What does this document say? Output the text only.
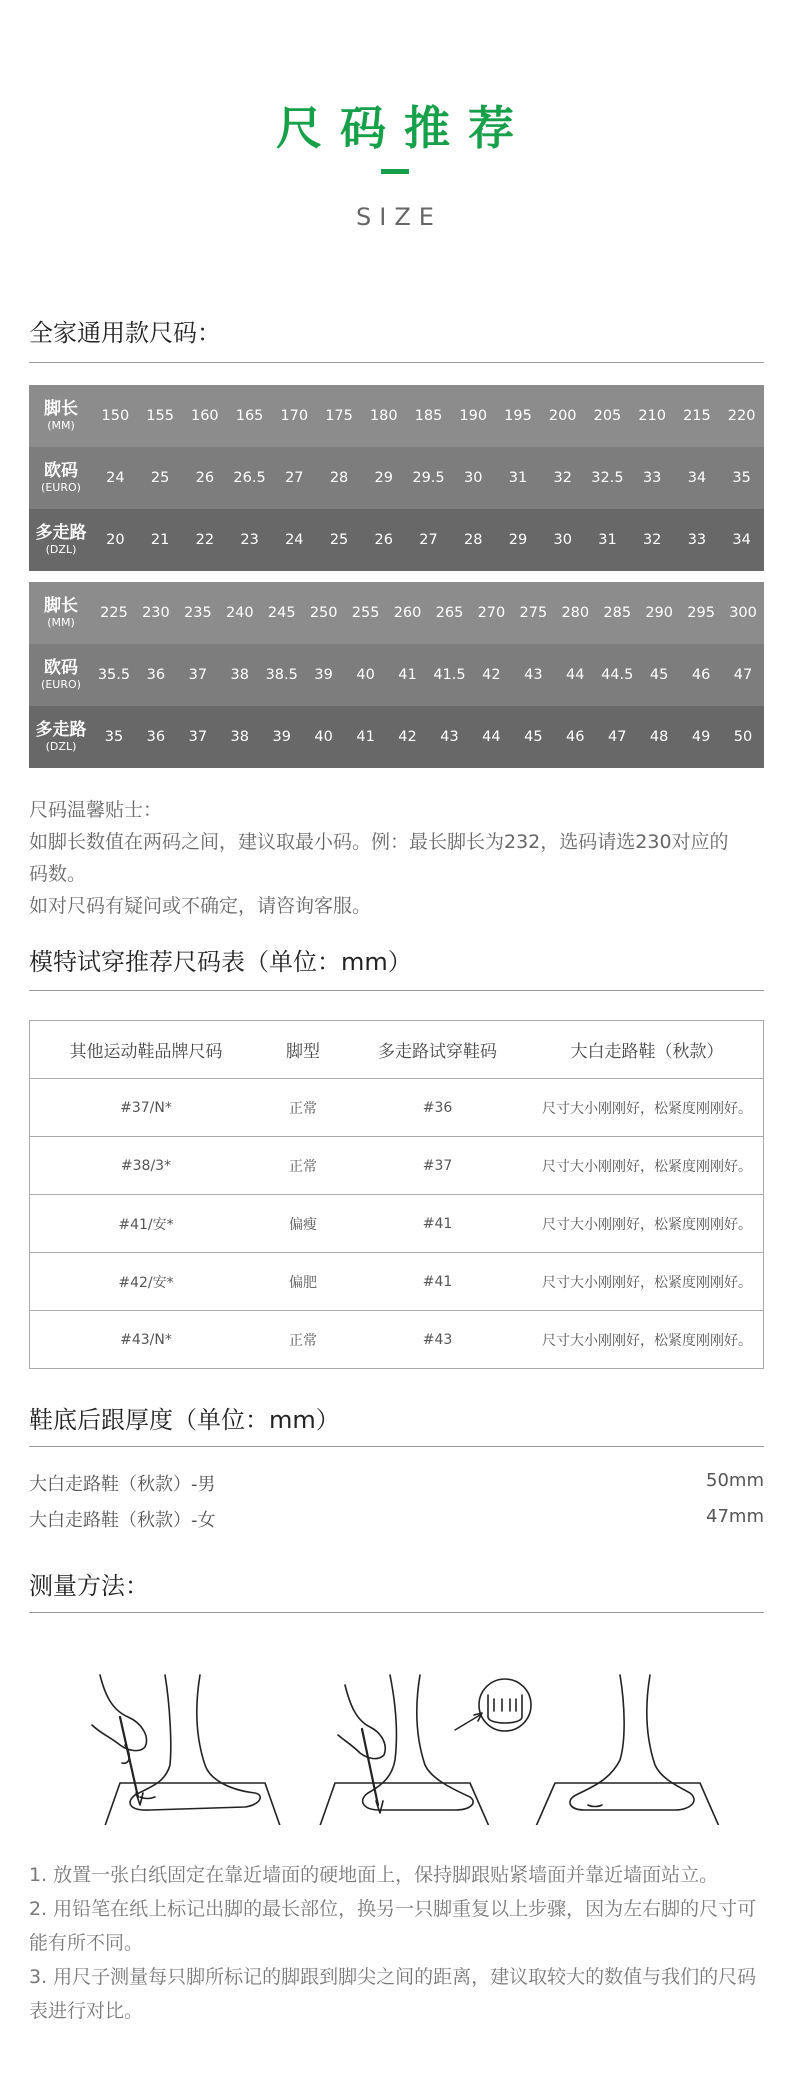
尺码推荐
SIZE
全家通用款尺码：
脚长
(MM)
150	155	160	165	170	175	180	185	190	195	200	205	210	215	220
欧码
(EURO)
24	25	26	26.5	27	28	29	29.5	30	31	32	32.5	33	34	35
多走路
(DZL)
20	21	22	23	24	25	26	27	28	29	30	31	32	33	34
脚长
(MM)
225 230 235 240 245 250 255 260 265 270 275 280 285 290 295 300
欧码
(EURO)
35.5	36	37	38	38.5	39	40	41	41.5	42	43	44	44.5	45	46	47
多走路
(DZL)
35	36	37	38	39	40	41	42	43	44	45	46	47	48	49	50
尺码温馨贴士：
如脚长数值在两码之间，建议取最小码。例：最长脚长为232，选码请选230对应的
码数。
如对尺码有疑问或不确定，请咨询客服。
模特试穿推荐尺码表（单位：mm）
其他运动鞋品牌尺码	脚型	多走路试穿鞋码	大白走路鞋（秋款）
#37/N*	正常	#36	尺寸大小刚刚好，松紧度刚刚好。
#38/3*	正常	#37	尺寸大小刚刚好，松紧度刚刚好。
#41/安*	偏瘦	#41	尺寸大小刚刚好，松紧度刚刚好。
#42/安*	偏肥	#41	尺寸大小刚刚好，松紧度刚刚好。
#43/N*	正常	#43	尺寸大小刚刚好，松紧度刚刚好。
鞋底后跟厚度（单位：mm）
大白走路鞋（秋款）-男	50mm
大白走路鞋（秋款）-女	47mm
测量方法：
1. 放置一张白纸固定在靠近墙面的硬地面上，保持脚跟贴紧墙面并靠近墙面站立。
2. 用铅笔在纸上标记出脚的最长部位，换另一只脚重复以上步骤，因为左右脚的尺寸可能有所不同。
3. 用尺子测量每只脚所标记的脚跟到脚尖之间的距离，建议取较大的数值与我们的尺码表进行对比。
